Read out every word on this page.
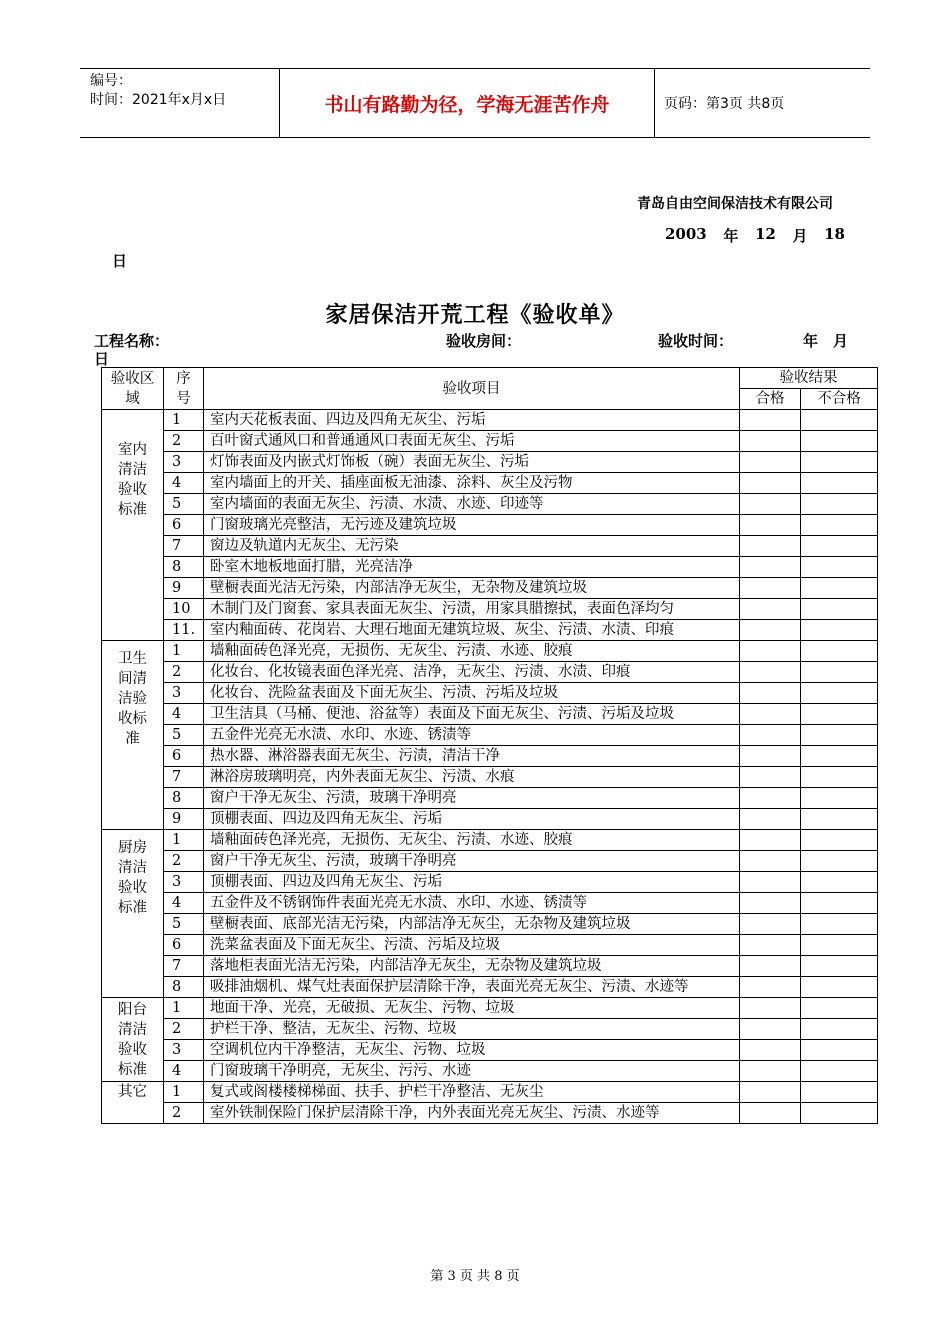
编号：
时间：2021年x月x日	书山有路勤为径，学海无涯苦作舟	页码：第3页 共8页
青岛自由空间保洁技术有限公司
2003 年 12 月 18
日
家居保洁开荒工程《验收单》
工程名称：	验收房间：	验收时间：	年 月
日
验收区域	序号	验收项目	验收结果	
			合格	不合格
室内清洁验收标准	1	室内天花板表面、四边及四角无灰尘、污垢		
	2	百叶窗式通风口和普通通风口表面无灰尘、污垢		
	3	灯饰表面及内嵌式灯饰板（碗）表面无灰尘、污垢		
	4	室内墙面上的开关、插座面板无油漆、涂料、灰尘及污物		
	5	室内墙面的表面无灰尘、污渍、水渍、水迹、印迹等		
	6	门窗玻璃光亮整洁，无污迹及建筑垃圾		
	7	窗边及轨道内无灰尘、无污染		
	8	卧室木地板地面打腊，光亮洁净		
	9	壁橱表面光洁无污染，内部洁净无灰尘，无杂物及建筑垃圾		
	10	木制门及门窗套、家具表面无灰尘、污渍，用家具腊擦拭，表面色泽均匀		
	11.	室内釉面砖、花岗岩、大理石地面无建筑垃圾、灰尘、污渍、水渍、印痕		
卫生间清洁验收标准	1	墙釉面砖色泽光亮，无损伤、无灰尘、污渍、水迹、胶痕		
	2	化妆台、化妆镜表面色泽光亮、洁净，无灰尘、污渍、水渍、印痕		
	3	化妆台、洗险盆表面及下面无灰尘、污渍、污垢及垃圾		
	4	卫生洁具（马桶、便池、浴盆等）表面及下面无灰尘、污渍、污垢及垃圾		
	5	五金件光亮无水渍、水印、水迹、锈渍等		
	6	热水器、淋浴器表面无灰尘、污渍，清洁干净		
	7	淋浴房玻璃明亮，内外表面无灰尘、污渍、水痕		
	8	窗户干净无灰尘、污渍，玻璃干净明亮		
	9	顶棚表面、四边及四角无灰尘、污垢		
厨房清洁验收标准	1	墙釉面砖色泽光亮，无损伤、无灰尘、污渍、水迹、胶痕		
	2	窗户干净无灰尘、污渍，玻璃干净明亮		
	3	顶棚表面、四边及四角无灰尘、污垢		
	4	五金件及不锈钢饰件表面光亮无水渍、水印、水迹、锈渍等		
	5	壁橱表面、底部光洁无污染，内部洁净无灰尘，无杂物及建筑垃圾		
	6	洗菜盆表面及下面无灰尘、污渍、污垢及垃圾		
	7	落地柜表面光洁无污染，内部洁净无灰尘，无杂物及建筑垃圾		
	8	吸排油烟机、煤气灶表面保护层清除干净，表面光亮无灰尘、污渍、水迹等		
阳台清洁验收标准	1	地面干净、光亮，无破损、无灰尘、污物、垃圾		
	2	护栏干净、整洁，无灰尘、污物、垃圾		
	3	空调机位内干净整洁，无灰尘、污物、垃圾		
	4	门窗玻璃干净明亮，无灰尘、污污、水迹		
其它	1	复式或阁楼楼梯梯面、扶手、护栏干净整洁、无灰尘		
	2	室外铁制保险门保护层清除干净，内外表面光亮无灰尘、污渍、水迹等		
第 3 页 共 8 页
